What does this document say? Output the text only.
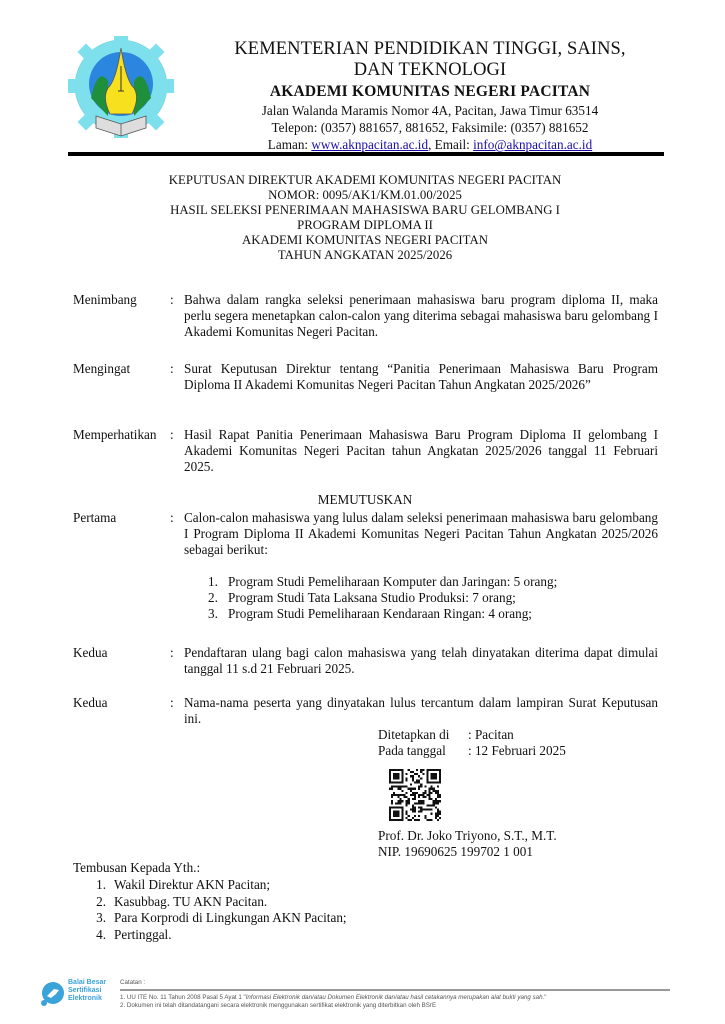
KEMENTERIAN PENDIDIKAN TINGGI, SAINS,
DAN TEKNOLOGI
AKADEMI KOMUNITAS NEGERI PACITAN
Jalan Walanda Maramis Nomor 4A, Pacitan, Jawa Timur 63514
Telepon: (0357) 881657, 881652, Faksimile: (0357) 881652
Laman: www.aknpacitan.ac.id, Email: info@aknpacitan.ac.id
KEPUTUSAN DIREKTUR AKADEMI KOMUNITAS NEGERI PACITAN
NOMOR: 0095/AK1/KM.01.00/2025
HASIL SELEKSI PENERIMAAN MAHASISWA BARU GELOMBANG I
PROGRAM DIPLOMA II
AKADEMI KOMUNITAS NEGERI PACITAN
TAHUN ANGKATAN 2025/2026
Menimbang	: Bahwa dalam rangka seleksi penerimaan mahasiswa baru program diploma II, maka perlu segera menetapkan calon-calon yang diterima sebagai mahasiswa baru gelombang I Akademi Komunitas Negeri Pacitan.
Mengingat	: Surat Keputusan Direktur tentang “Panitia Penerimaan Mahasiswa Baru Program Diploma II Akademi Komunitas Negeri Pacitan Tahun Angkatan 2025/2026”
Memperhatikan : Hasil Rapat Panitia Penerimaan Mahasiswa Baru Program Diploma II gelombang I Akademi Komunitas Negeri Pacitan tahun Angkatan 2025/2026 tanggal 11 Februari 2025.
MEMUTUSKAN
Pertama	: Calon-calon mahasiswa yang lulus dalam seleksi penerimaan mahasiswa baru gelombang I Program Diploma II Akademi Komunitas Negeri Pacitan Tahun Angkatan 2025/2026 sebagai berikut:
1. Program Studi Pemeliharaan Komputer dan Jaringan: 5 orang;
2. Program Studi Tata Laksana Studio Produksi: 7 orang;
3. Program Studi Pemeliharaan Kendaraan Ringan: 4 orang;
Kedua	: Pendaftaran ulang bagi calon mahasiswa yang telah dinyatakan diterima dapat dimulai tanggal 11 s.d 21 Februari 2025.
Kedua	: Nama-nama peserta yang dinyatakan lulus tercantum dalam lampiran Surat Keputusan ini.
Ditetapkan di	: Pacitan
Pada tanggal	: 12 Februari 2025
Prof. Dr. Joko Triyono, S.T., M.T.
NIP. 19690625 199702 1 001
Tembusan Kepada Yth.:
1. Wakil Direktur AKN Pacitan;
2. Kasubbag. TU AKN Pacitan.
3. Para Korprodi di Lingkungan AKN Pacitan;
4. Pertinggal.
Balai Besar
Sertifikasi
Elektronik
Catatan :
1. UU ITE No. 11 Tahun 2008 Pasal 5 Ayat 1 "Informasi Elektronik dan/atau Dokumen Elektronik dan/atau hasil cetakannya merupakan alat bukti yang sah."
2. Dokumen ini telah ditandatangani secara elektronik menggunakan sertifikat elektronik yang diterbitkan oleh BSrE
